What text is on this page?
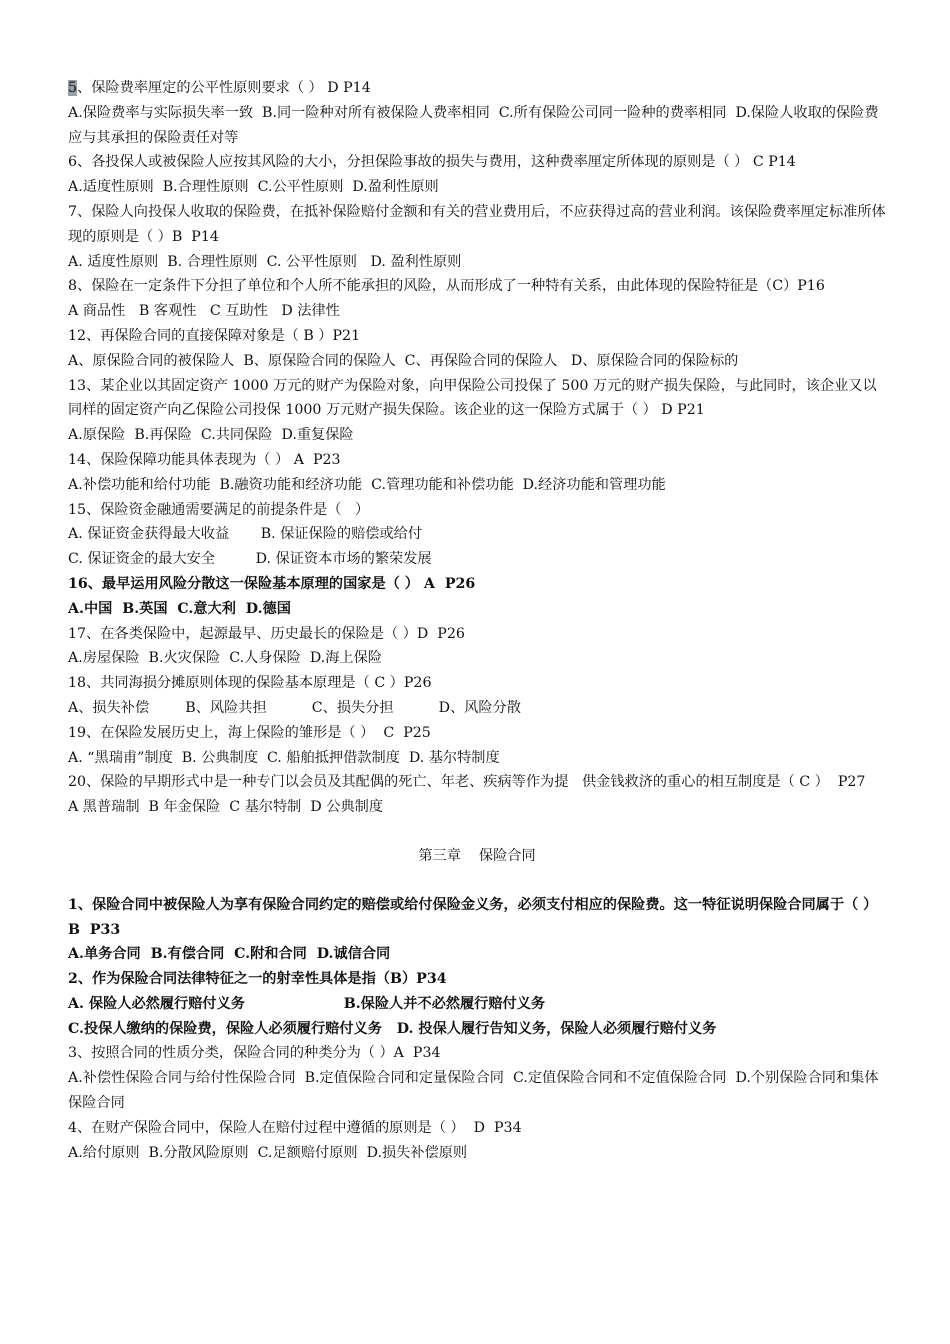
5、保险费率厘定的公平性原则要求（ ） D P14
A.保险费率与实际损失率一致  B.同一险种对所有被保险人费率相同  C.所有保险公司同一险种的费率相同  D.保险人收取的保险费应与其承担的保险责任对等
6、各投保人或被保险人应按其风险的大小，分担保险事故的损失与费用，这种费率厘定所体现的原则是（ ） C P14
A.适度性原则  B.合理性原则  C.公平性原则  D.盈利性原则
7、保险人向投保人收取的保险费，在抵补保险赔付金额和有关的营业费用后，不应获得过高的营业利润。该保险费率厘定标准所体现的原则是（ ）B  P14
A. 适度性原则  B. 合理性原则  C. 公平性原则   D. 盈利性原则
8、保险在一定条件下分担了单位和个人所不能承担的风险，从而形成了一种特有关系，由此体现的保险特征是（C）P16
A 商品性   B 客观性   C 互助性   D 法律性
12、再保险合同的直接保障对象是（ B ）P21
A、原保险合同的被保险人  B、原保险合同的保险人  C、再保险合同的保险人   D、原保险合同的保险标的
13、某企业以其固定资产 1000 万元的财产为保险对象，向甲保险公司投保了 500 万元的财产损失保险，与此同时，该企业又以同样的固定资产向乙保险公司投保 1000 万元财产损失保险。该企业的这一保险方式属于（ ） D P21
A.原保险  B.再保险  C.共同保险  D.重复保险
14、保险保障功能具体表现为（ ） A  P23
A.补偿功能和给付功能  B.融资功能和经济功能  C.管理功能和补偿功能  D.经济功能和管理功能
15、保险资金融通需要满足的前提条件是（   ）
A. 保证资金获得最大收益       B. 保证保险的赔偿或给付
C. 保证资金的最大安全         D. 保证资本市场的繁荣发展
16、最早运用风险分散这一保险基本原理的国家是（ ） A  P26
A.中国  B.英国  C.意大利  D.德国
17、在各类保险中，起源最早、历史最长的保险是（ ）D  P26
A.房屋保险  B.火灾保险  C.人身保险  D.海上保险
18、共同海损分摊原则体现的保险基本原理是（ C ）P26
A、损失补偿        B、风险共担          C、损失分担          D、风险分散
19、在保险发展历史上，海上保险的雏形是（ ）  C  P25
A. “黑瑞甫”制度  B. 公典制度  C. 船舶抵押借款制度  D. 基尔特制度
20、保险的早期形式中是一种专门以会员及其配偶的死亡、年老、疾病等作为提   供金钱救济的重心的相互制度是（ C ）  P27
A 黑普瑞制  B 年金保险  C 基尔特制  D 公典制度
第三章    保险合同
1、保险合同中被保险人为享有保险合同约定的赔偿或给付保险金义务，必须支付相应的保险费。这一特征说明保险合同属于（ ）  B  P33
A.单务合同  B.有偿合同  C.附和合同  D.诚信合同
2、作为保险合同法律特征之一的射幸性具体是指（B）P34
A. 保险人必然履行赔付义务                    B.保险人并不必然履行赔付义务
C.投保人缴纳的保险费，保险人必须履行赔付义务   D. 投保人履行告知义务，保险人必须履行赔付义务
3、按照合同的性质分类，保险合同的种类分为（ ）A  P34
A.补偿性保险合同与给付性保险合同  B.定值保险合同和定量保险合同  C.定值保险合同和不定值保险合同  D.个别保险合同和集体保险合同
4、在财产保险合同中，保险人在赔付过程中遵循的原则是（ ）  D  P34
A.给付原则  B.分散风险原则  C.足额赔付原则  D.损失补偿原则
